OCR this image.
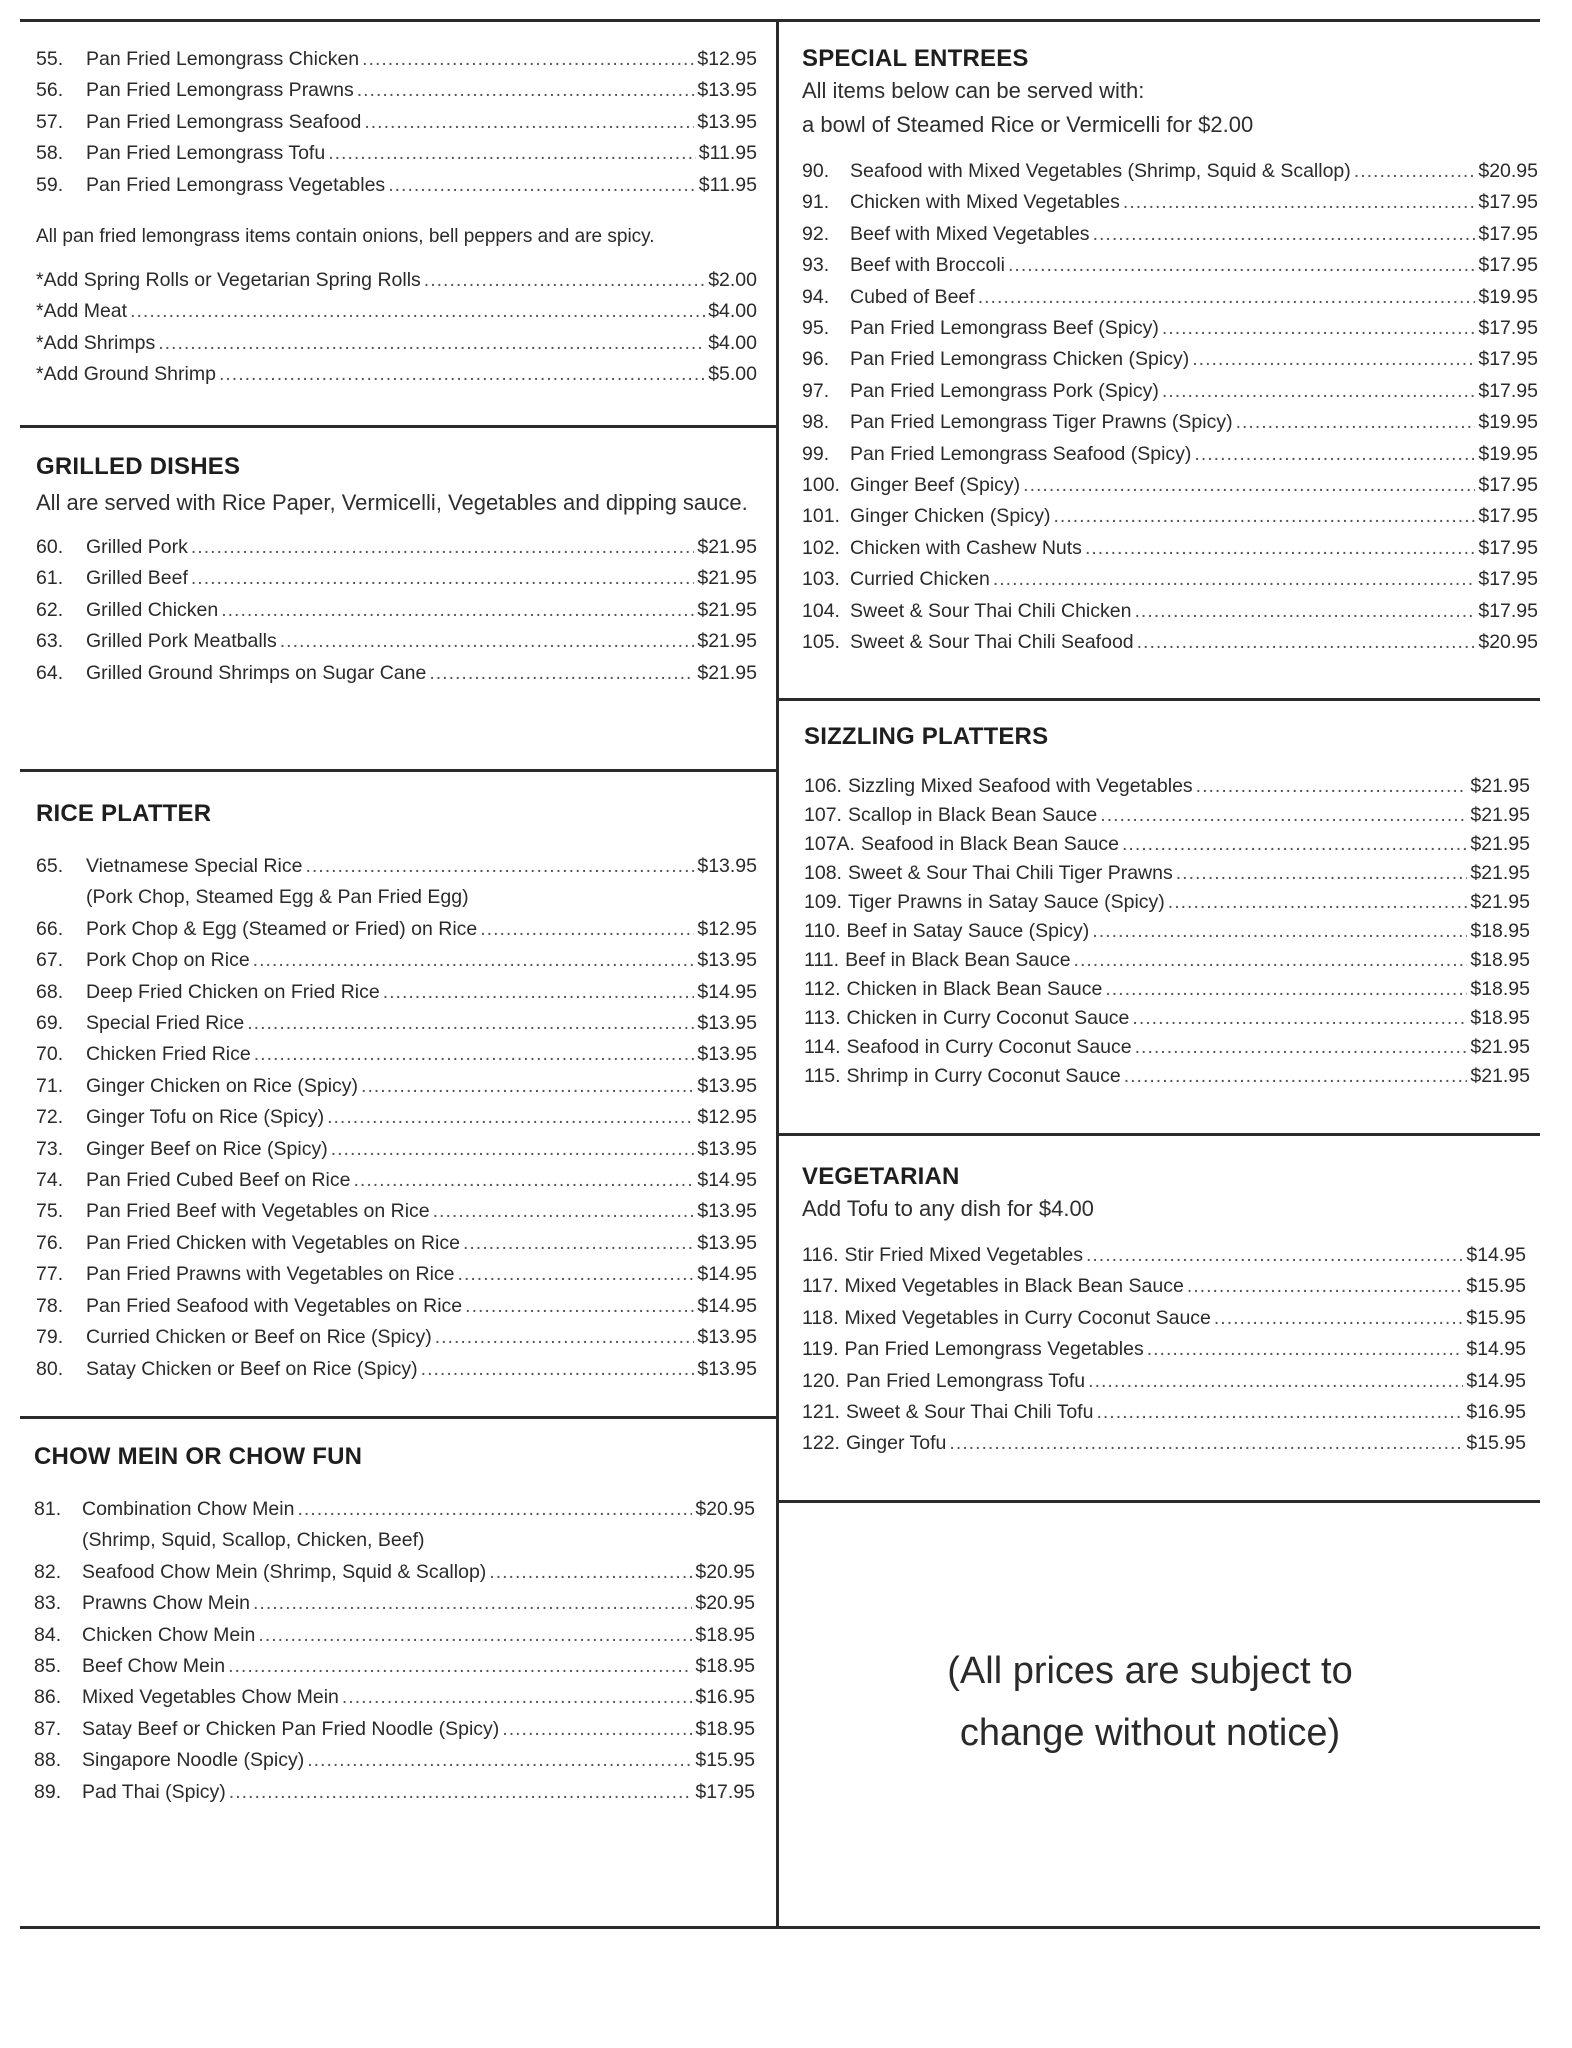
55.	Pan Fried Lemongrass Chicken .....	$12.95
56.	Pan Fried Lemongrass Prawns .....	$13.95
57.	Pan Fried Lemongrass Seafood .....	$13.95
58.	Pan Fried Lemongrass Tofu .....	$11.95
59.	Pan Fried Lemongrass Vegetables .....	$11.95

All pan fried lemongrass items contain onions, bell peppers and are spicy.

*Add Spring Rolls or Vegetarian Spring Rolls .....	$2.00
*Add Meat .....	$4.00
*Add Shrimps .....	$4.00
*Add Ground Shrimp .....	$5.00
GRILLED DISHES

All are served with Rice Paper, Vermicelli, Vegetables and dipping sauce.

60.	Grilled Pork .....	$21.95
61.	Grilled Beef .....	$21.95
62.	Grilled Chicken .....	$21.95
63.	Grilled Pork Meatballs .....	$21.95
64.	Grilled Ground Shrimps on Sugar Cane .....	$21.95
RICE PLATTER
65.	Vietnamese Special Rice .....	$13.95
(Pork Chop, Steamed Egg & Pan Fried Egg)
66.	Pork Chop & Egg (Steamed or Fried) on Rice .....	$12.95
67.	Pork Chop on Rice .....	$13.95
68.	Deep Fried Chicken on Fried Rice .....	$14.95
69.	Special Fried Rice .....	$13.95
70.	Chicken Fried Rice .....	$13.95
71.	Ginger Chicken on Rice (Spicy) .....	$13.95
72.	Ginger Tofu on Rice (Spicy) .....	$12.95
73.	Ginger Beef on Rice (Spicy) .....	$13.95
74.	Pan Fried Cubed Beef on Rice .....	$14.95
75.	Pan Fried Beef with Vegetables on Rice .....	$13.95
76.	Pan Fried Chicken with Vegetables on Rice .....	$13.95
77.	Pan Fried Prawns with Vegetables on Rice .....	$14.95
78.	Pan Fried Seafood with Vegetables on Rice .....	$14.95
79.	Curried Chicken or Beef on Rice (Spicy) .....	$13.95
80.	Satay Chicken or Beef on Rice (Spicy) .....	$13.95
CHOW MEIN OR CHOW FUN
81.	Combination Chow Mein .....	$20.95
(Shrimp, Squid, Scallop, Chicken, Beef)
82.	Seafood Chow Mein (Shrimp, Squid & Scallop) .....	$20.95
83.	Prawns Chow Mein .....	$20.95
84.	Chicken Chow Mein .....	$18.95
85.	Beef Chow Mein .....	$18.95
86.	Mixed Vegetables Chow Mein .....	$16.95
87.	Satay Beef or Chicken Pan Fried Noodle (Spicy) .....	$18.95
88.	Singapore Noodle (Spicy) .....	$15.95
89.	Pad Thai (Spicy) .....	$17.95
SPECIAL ENTREES

All items below can be served with:

a bowl of Steamed Rice or Vermicelli for $2.00

90.	Seafood with Mixed Vegetables (Shrimp, Squid & Scallop) .....	$20.95
91.	Chicken with Mixed Vegetables .....	$17.95
92.	Beef with Mixed Vegetables .....	$17.95
93.	Beef with Broccoli .....	$17.95
94.	Cubed of Beef .....	$19.95
95.	Pan Fried Lemongrass Beef (Spicy) .....	$17.95
96.	Pan Fried Lemongrass Chicken (Spicy) .....	$17.95
97.	Pan Fried Lemongrass Pork (Spicy) .....	$17.95
98.	Pan Fried Lemongrass Tiger Prawns (Spicy) .....	$19.95
99.	Pan Fried Lemongrass Seafood (Spicy) .....	$19.95
100. Ginger Beef (Spicy) .....	$17.95
101. Ginger Chicken (Spicy) .....	$17.95
102. Chicken with Cashew Nuts .....	$17.95
103. Curried Chicken .....	$17.95
104. Sweet & Sour Thai Chili Chicken .....	$17.95
105. Sweet & Sour Thai Chili Seafood .....	$20.95
SIZZLING PLATTERS
106. Sizzling Mixed Seafood with Vegetables .....	$21.95
107. Scallop in Black Bean Sauce .....	$21.95
107A. Seafood in Black Bean Sauce .....	$21.95
108. Sweet & Sour Thai Chili Tiger Prawns .....	$21.95
109. Tiger Prawns in Satay Sauce (Spicy) .....	$21.95
110. Beef in Satay Sauce (Spicy) .....	$18.95
111. Beef in Black Bean Sauce .....	$18.95
112. Chicken in Black Bean Sauce .....	$18.95
113. Chicken in Curry Coconut Sauce .....	$18.95
114. Seafood in Curry Coconut Sauce .....	$21.95
115. Shrimp in Curry Coconut Sauce .....	$21.95
VEGETARIAN

Add Tofu to any dish for $4.00

116. Stir Fried Mixed Vegetables .....	$14.95
117. Mixed Vegetables in Black Bean Sauce .....	$15.95
118. Mixed Vegetables in Curry Coconut Sauce .....	$15.95
119. Pan Fried Lemongrass Vegetables .....	$14.95
120. Pan Fried Lemongrass Tofu .....	$14.95
121. Sweet & Sour Thai Chili Tofu .....	$16.95
122. Ginger Tofu .....	$15.95
(All prices are subject to
change without notice)
